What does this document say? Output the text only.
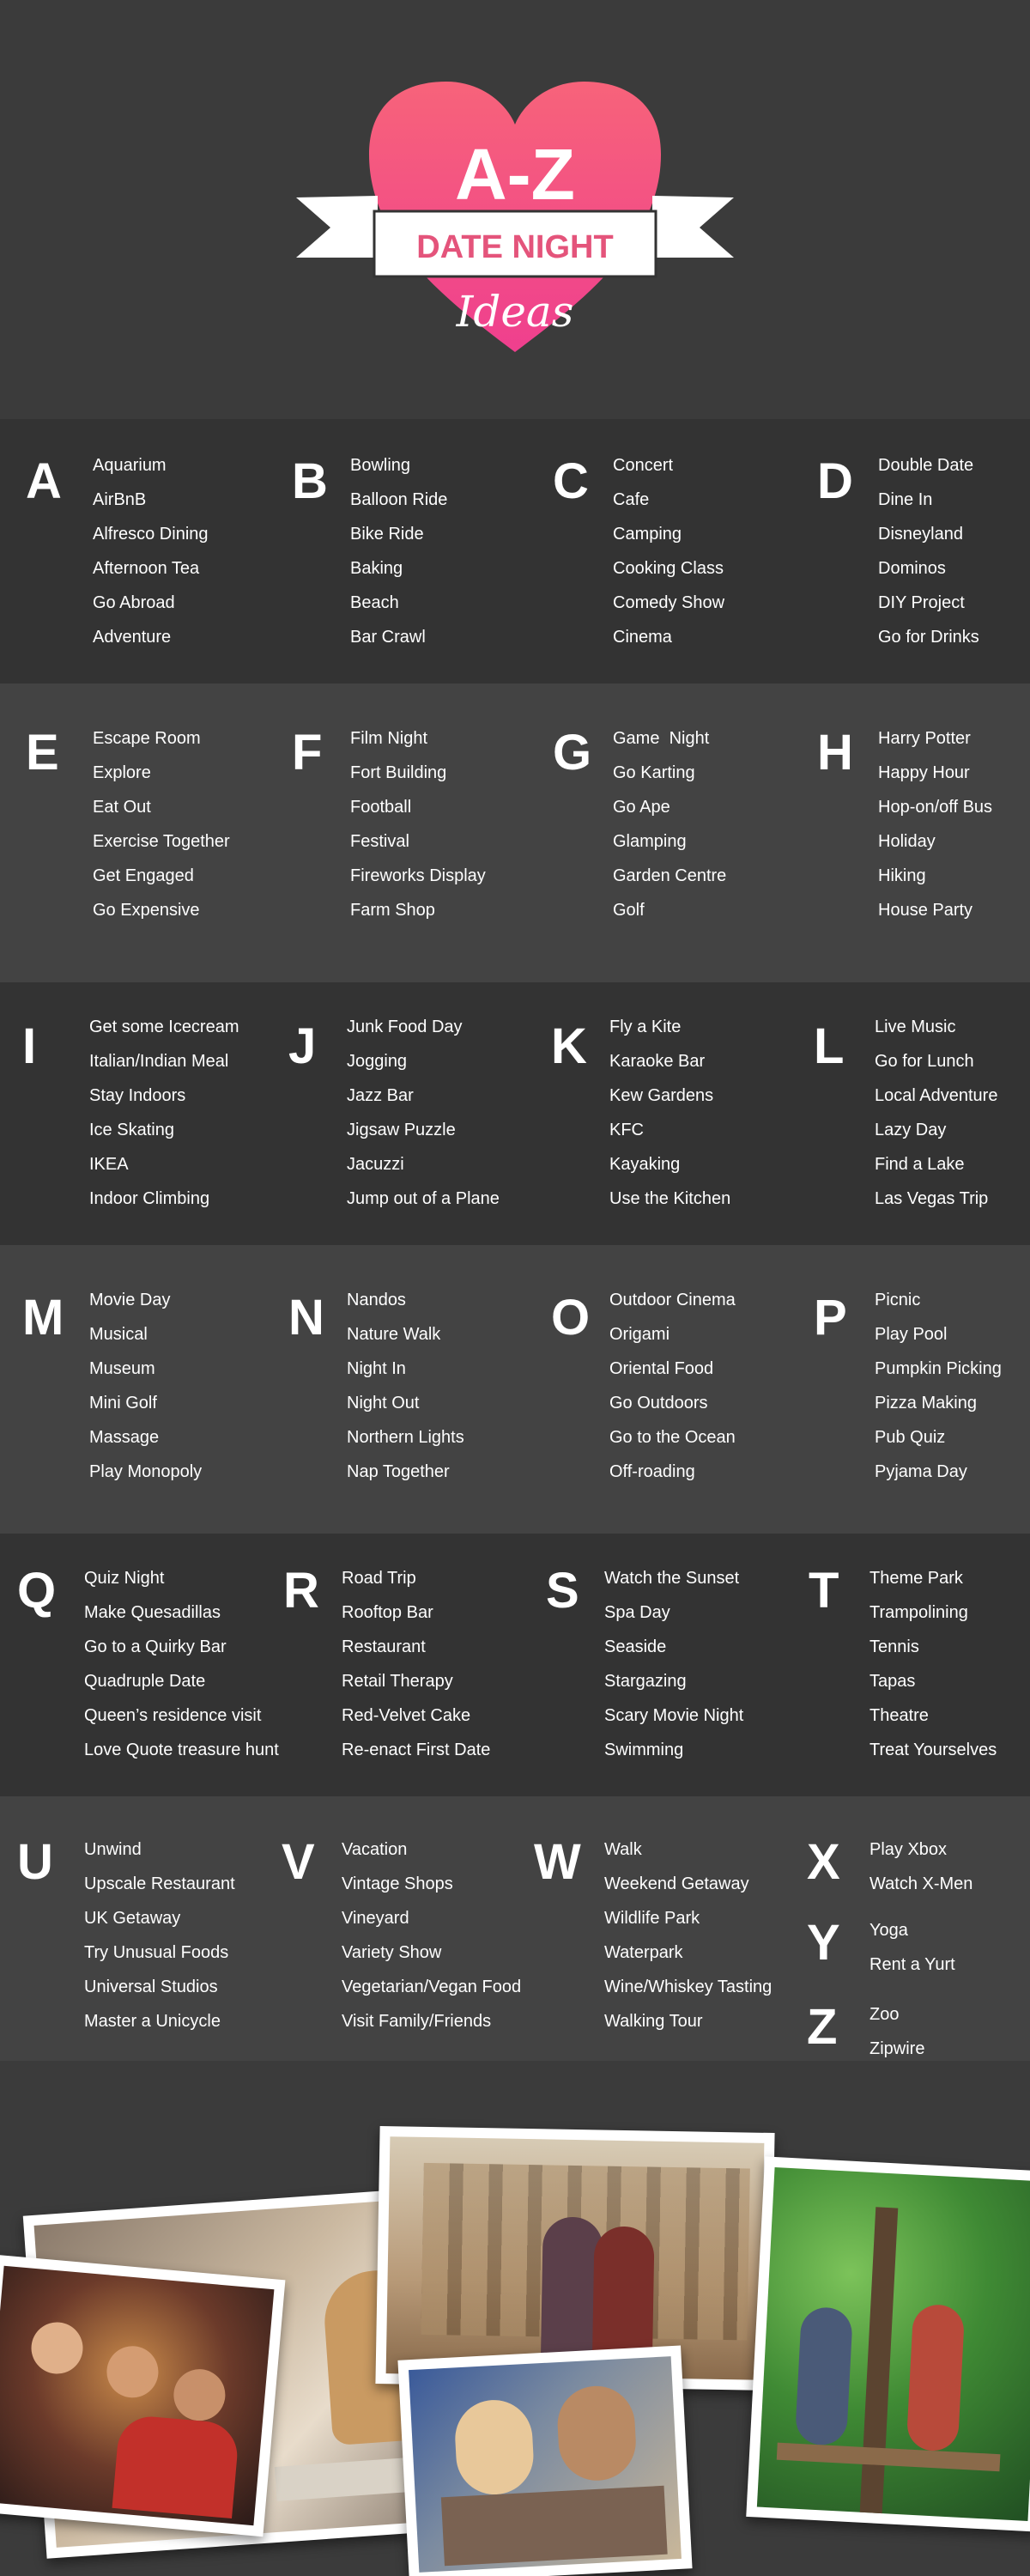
A-Z
DATE NIGHT
Ideas
A Aquarium
AirBnB
Alfresco Dining
Afternoon Tea
Go Abroad
Adventure
B Bowling
Balloon Ride
Bike Ride
Baking
Beach
Bar Crawl
C Concert
Cafe
Camping
Cooking Class
Comedy Show
Cinema
D Double Date
Dine In
Disneyland
Dominos
DIY Project
Go for Drinks
E Escape Room
Explore
Eat Out
Exercise Together
Get Engaged
Go Expensive
F Film Night
Fort Building
Football
Festival
Fireworks Display
Farm Shop
G Game  Night
Go Karting
Go Ape
Glamping
Garden Centre
Golf
H Harry Potter
Happy Hour
Hop-on/off Bus
Holiday
Hiking
House Party
I	Get some Icecream
Italian/Indian Meal
Stay Indoors
Ice Skating
IKEA
Indoor Climbing
J Junk Food Day
Jogging
Jazz Bar
Jigsaw Puzzle
Jacuzzi
Jump out of a Plane
K Fly a Kite
Karaoke Bar
Kew Gardens
KFC
Kayaking
Use the Kitchen
L Live Music
Go for Lunch
Local Adventure
Lazy Day
Find a Lake
Las Vegas Trip
M Movie Day
Musical
Museum
Mini Golf
Massage
Play Monopoly
N Nandos
Nature Walk
Night In
Night Out
Northern Lights
Nap Together
O Outdoor Cinema
Origami
Oriental Food
Go Outdoors
Go to the Ocean
Off-roading
P Picnic
Play Pool
Pumpkin Picking
Pizza Making
Pub Quiz
Pyjama Day
Q Quiz Night
Make Quesadillas
Go to a Quirky Bar
Quadruple Date
Queen’s residence visit
Love Quote treasure hunt
R Road Trip
Rooftop Bar
Restaurant
Retail Therapy
Red-Velvet Cake
Re-enact First Date
S Watch the Sunset
Spa Day
Seaside
Stargazing
Scary Movie Night
Swimming
T Theme Park
Trampolining
Tennis
Tapas
Theatre
Treat Yourselves
U Unwind
Upscale Restaurant
UK Getaway
Try Unusual Foods
Universal Studios
Master a Unicycle
V Vacation
Vintage Shops
Vineyard
Variety Show
Vegetarian/Vegan Food
Visit Family/Friends
W Walk
Weekend Getaway
Wildlife Park
Waterpark
Wine/Whiskey Tasting
Walking Tour
X Play Xbox
Watch X-Men
Y Yoga
Rent a Yurt
Z Zoo
Zipwire
